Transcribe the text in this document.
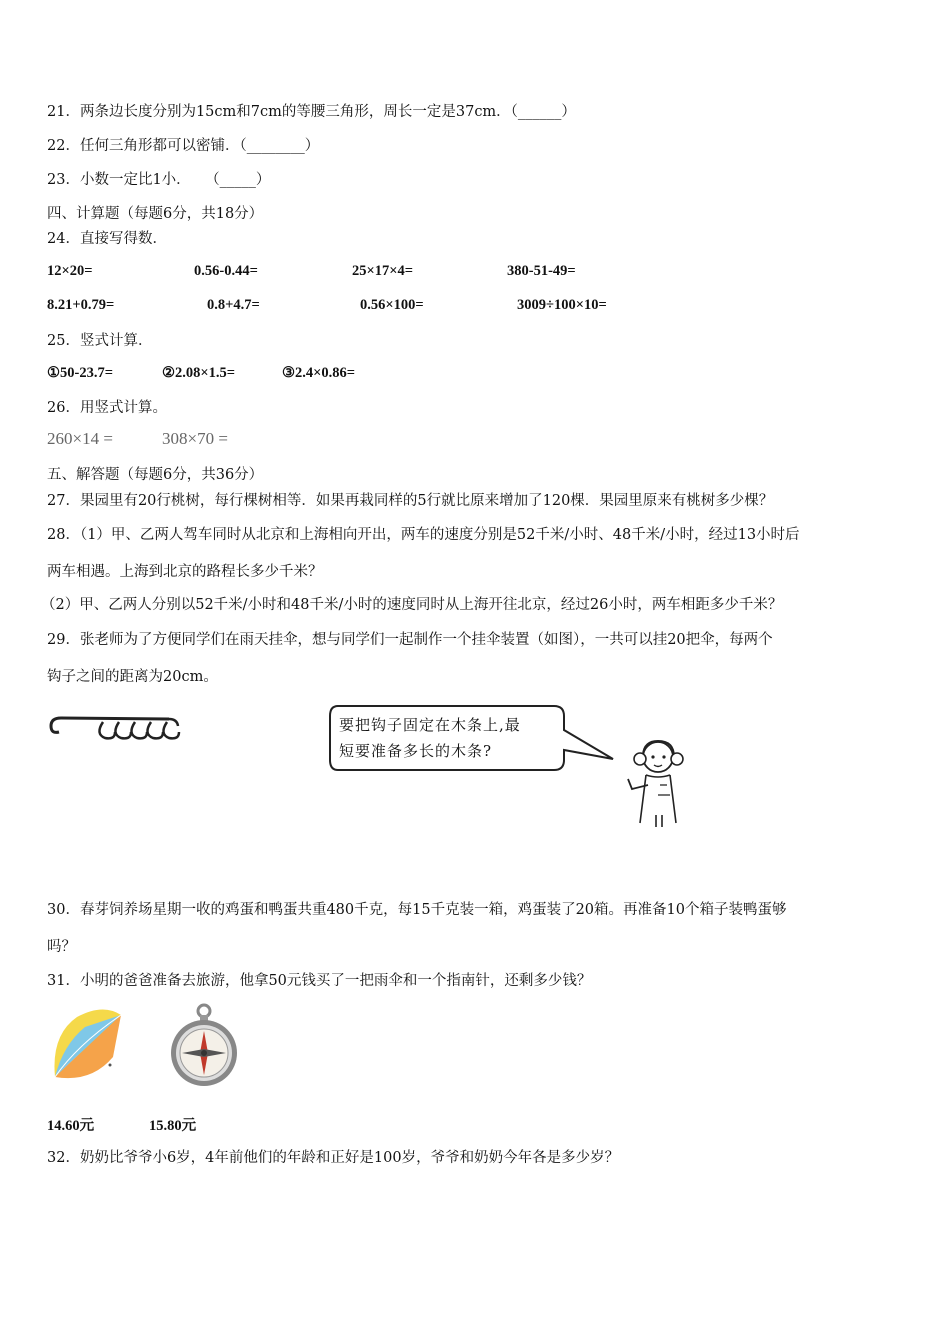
21．两条边长度分别为15cm和7cm的等腰三角形，周长一定是37cm．（______）
22．任何三角形都可以密铺．（________）
23．小数一定比1小．　　（_____）
四、计算题（每题6分，共18分）
24．直接写得数．
12×20=	0.56-0.44=	25×17×4=	380-51-49=
8.21+0.79=	0.8+4.7=	0.56×100=	3009÷100×10=
25．竖式计算．
①50-23.7=	②2.08×1.5=	③2.4×0.86=
26．用竖式计算。
260×14 =	308×70 =
五、解答题（每题6分，共36分）
27．果园里有20行桃树，每行棵树相等．如果再栽同样的5行就比原来增加了120棵．果园里原来有桃树多少棵？
28．（1）甲、乙两人驾车同时从北京和上海相向开出，两车的速度分别是52千米/小时、48千米/小时，经过13小时后
两车相遇。上海到北京的路程长多少千米？
（2）甲、乙两人分别以52千米/小时和48千米/小时的速度同时从上海开往北京，经过26小时，两车相距多少千米？
29．张老师为了方便同学们在雨天挂伞，想与同学们一起制作一个挂伞装置（如图），一共可以挂20把伞，每两个
钩子之间的距离为20cm。
要把钩子固定在木条上,最
短要准备多长的木条?
30．春芽饲养场星期一收的鸡蛋和鸭蛋共重480千克，每15千克装一箱，鸡蛋装了20箱。再准备10个箱子装鸭蛋够
吗？
31．小明的爸爸准备去旅游，他拿50元钱买了一把雨伞和一个指南针，还剩多少钱？
14.60元	15.80元
32．奶奶比爷爷小6岁，4年前他们的年龄和正好是100岁，爷爷和奶奶今年各是多少岁？
